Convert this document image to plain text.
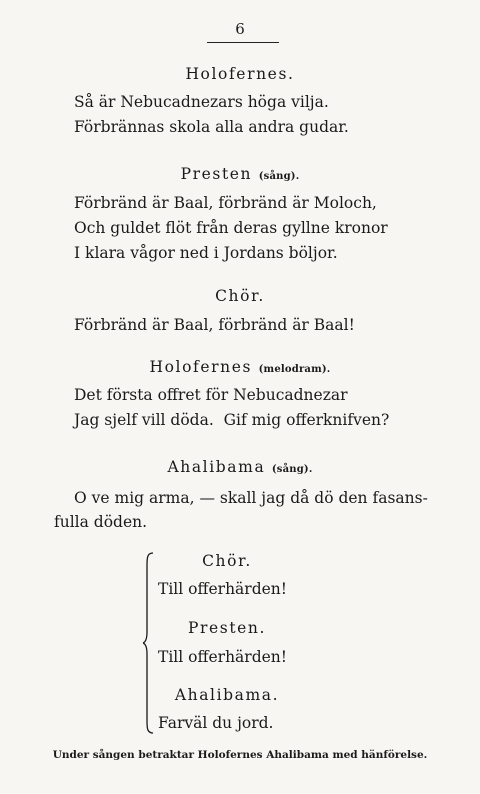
6
Holofernes.
Så är Nebucadnezars höga vilja.
Förbrännas skola alla andra gudar.
Presten (sång).
Förbränd är Baal, förbränd är Moloch,
Och guldet flöt från deras gyllne kronor
I klara vågor ned i Jordans böljor.
Chör.
Förbränd är Baal, förbränd är Baal!
Holofernes (melodram).
Det första offret för Nebucadnezar
Jag sjelf vill döda.  Gif mig offerknifven?
Ahalibama (sång).
O ve mig arma, — skall jag då dö den fasans-
fulla döden.
Chör.
Till offerhärden!
Presten.
Till offerhärden!
Ahalibama.
Farväl du jord.
Under sången betraktar Holofernes Ahalibama med hänförelse.
